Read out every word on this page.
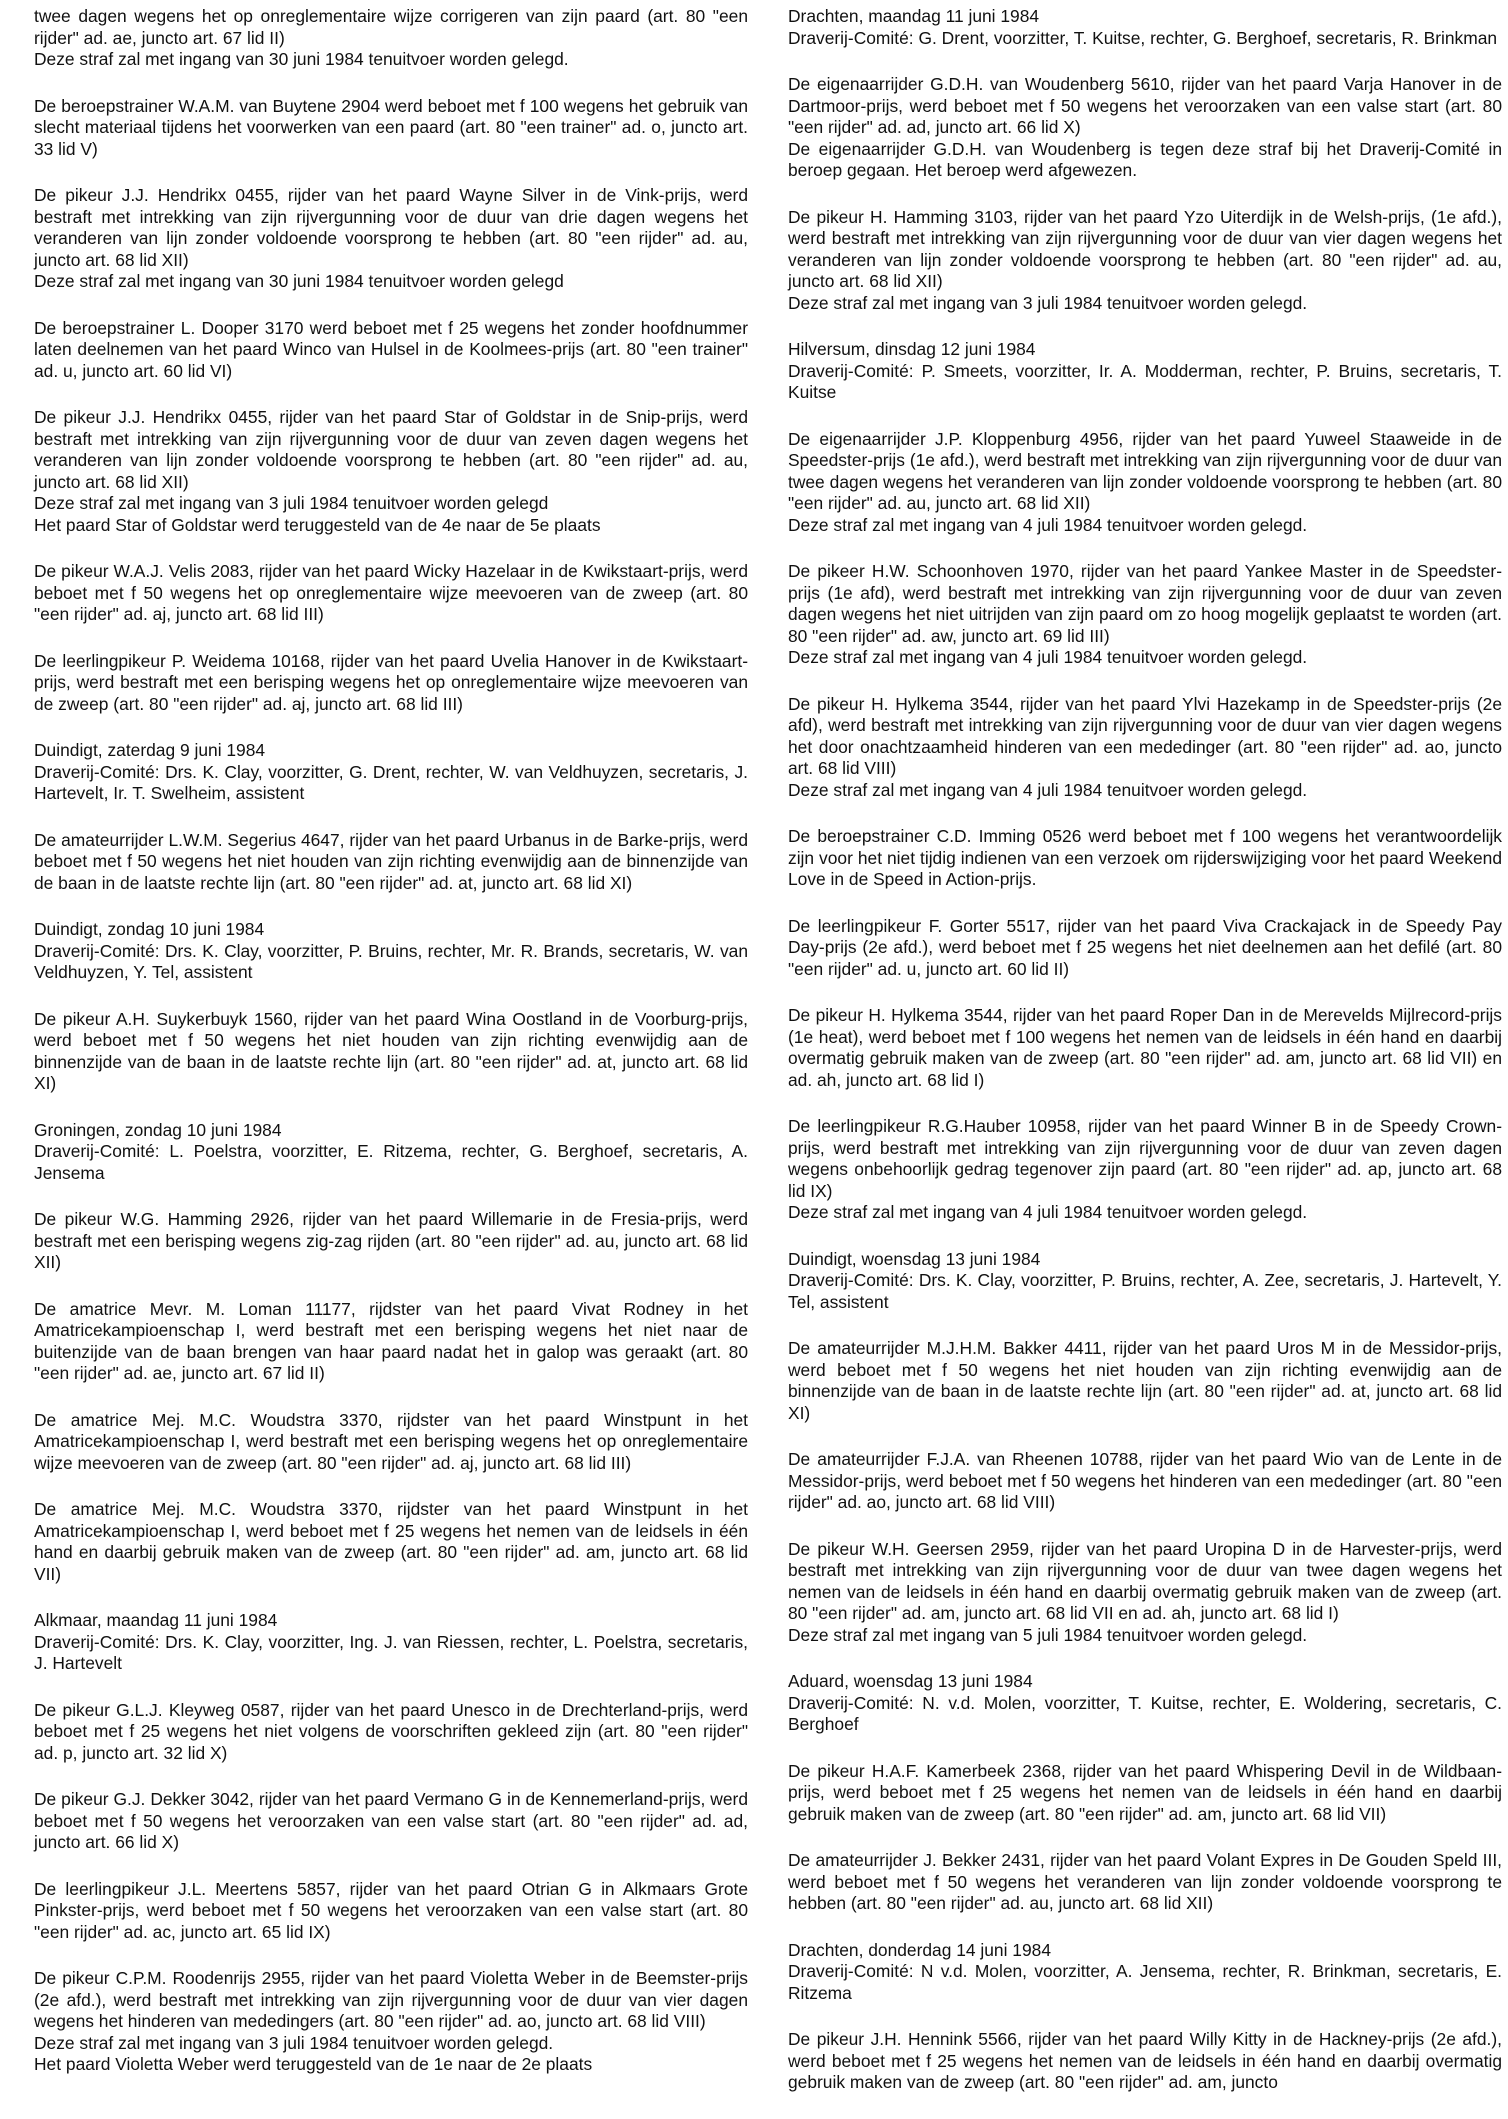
twee dagen wegens het op onreglementaire wijze corrigeren van zijn paard (art. 80 "een rijder" ad. ae, juncto art. 67 lid II)
Deze straf zal met ingang van 30 juni 1984 tenuitvoer worden gelegd.

De beroepstrainer W.A.M. van Buytene 2904 werd beboet met f 100 wegens het gebruik van slecht materiaal tijdens het voorwerken van een paard (art. 80 "een trainer" ad. o, juncto art. 33 lid V)

De pikeur J.J. Hendrikx 0455, rijder van het paard Wayne Silver in de Vink-prijs, werd bestraft met intrekking van zijn rijvergunning voor de duur van drie dagen wegens het veranderen van lijn zonder voldoende voorsprong te hebben (art. 80 "een rijder" ad. au, juncto art. 68 lid XII)
Deze straf zal met ingang van 30 juni 1984 tenuitvoer worden gelegd

De beroepstrainer L. Dooper 3170 werd beboet met f 25 wegens het zonder hoofdnummer laten deelnemen van het paard Winco van Hulsel in de Koolmees-prijs (art. 80 "een trainer" ad. u, juncto art. 60 lid VI)

De pikeur J.J. Hendrikx 0455, rijder van het paard Star of Goldstar in de Snip-prijs, werd bestraft met intrekking van zijn rijvergunning voor de duur van zeven dagen wegens het veranderen van lijn zonder voldoende voorsprong te hebben (art. 80 "een rijder" ad. au, juncto art. 68 lid XII)
Deze straf zal met ingang van 3 juli 1984 tenuitvoer worden gelegd
Het paard Star of Goldstar werd teruggesteld van de 4e naar de 5e plaats

De pikeur W.A.J. Velis 2083, rijder van het paard Wicky Hazelaar in de Kwikstaart-prijs, werd beboet met f 50 wegens het op onreglementaire wijze meevoeren van de zweep (art. 80 "een rijder" ad. aj, juncto art. 68 lid III)

De leerlingpikeur P. Weidema 10168, rijder van het paard Uvelia Hanover in de Kwikstaart-prijs, werd bestraft met een berisping wegens het op onreglementaire wijze meevoeren van de zweep (art. 80 "een rijder" ad. aj, juncto art. 68 lid III)

Duindigt, zaterdag 9 juni 1984
Draverij-Comité: Drs. K. Clay, voorzitter, G. Drent, rechter, W. van Veldhuyzen, secretaris, J. Hartevelt, Ir. T. Swelheim, assistent

De amateurrijder L.W.M. Segerius 4647, rijder van het paard Urbanus in de Barke-prijs, werd beboet met f 50 wegens het niet houden van zijn richting evenwijdig aan de binnenzijde van de baan in de laatste rechte lijn (art. 80 "een rijder" ad. at, juncto art. 68 lid XI)

Duindigt, zondag 10 juni 1984
Draverij-Comité: Drs. K. Clay, voorzitter, P. Bruins, rechter, Mr. R. Brands, secretaris, W. van Veldhuyzen, Y. Tel, assistent

De pikeur A.H. Suykerbuyk 1560, rijder van het paard Wina Oostland in de Voorburg-prijs, werd beboet met f 50 wegens het niet houden van zijn richting evenwijdig aan de binnenzijde van de baan in de laatste rechte lijn (art. 80 "een rijder" ad. at, juncto art. 68 lid XI)

Groningen, zondag 10 juni 1984
Draverij-Comité: L. Poelstra, voorzitter, E. Ritzema, rechter, G. Berghoef, secretaris, A. Jensema

De pikeur W.G. Hamming 2926, rijder van het paard Willemarie in de Fresia-prijs, werd bestraft met een berisping wegens zig-zag rijden (art. 80 "een rijder" ad. au, juncto art. 68 lid XII)

De amatrice Mevr. M. Loman 11177, rijdster van het paard Vivat Rodney in het Amatricekampioenschap I, werd bestraft met een berisping wegens het niet naar de buitenzijde van de baan brengen van haar paard nadat het in galop was geraakt (art. 80 "een rijder" ad. ae, juncto art. 67 lid II)

De amatrice Mej. M.C. Woudstra 3370, rijdster van het paard Winstpunt in het Amatricekampioenschap I, werd bestraft met een berisping wegens het op onreglementaire wijze meevoeren van de zweep (art. 80 "een rijder" ad. aj, juncto art. 68 lid III)

De amatrice Mej. M.C. Woudstra 3370, rijdster van het paard Winstpunt in het Amatricekampioenschap I, werd beboet met f 25 wegens het nemen van de leidsels in één hand en daarbij gebruik maken van de zweep (art. 80 "een rijder" ad. am, juncto art. 68 lid VII)

Alkmaar, maandag 11 juni 1984
Draverij-Comité: Drs. K. Clay, voorzitter, Ing. J. van Riessen, rechter, L. Poelstra, secretaris, J. Hartevelt

De pikeur G.L.J. Kleyweg 0587, rijder van het paard Unesco in de Drechterland-prijs, werd beboet met f 25 wegens het niet volgens de voorschriften gekleed zijn (art. 80 "een rijder" ad. p, juncto art. 32 lid X)

De pikeur G.J. Dekker 3042, rijder van het paard Vermano G in de Kennemerland-prijs, werd beboet met f 50 wegens het veroorzaken van een valse start (art. 80 "een rijder" ad. ad, juncto art. 66 lid X)

De leerlingpikeur J.L. Meertens 5857, rijder van het paard Otrian G in Alkmaars Grote Pinkster-prijs, werd beboet met f 50 wegens het veroorzaken van een valse start (art. 80 "een rijder" ad. ac, juncto art. 65 lid IX)

De pikeur C.P.M. Roodenrijs 2955, rijder van het paard Violetta Weber in de Beemster-prijs (2e afd.), werd bestraft met intrekking van zijn rijvergunning voor de duur van vier dagen wegens het hinderen van mededingers (art. 80 "een rijder" ad. ao, juncto art. 68 lid VIII)
Deze straf zal met ingang van 3 juli 1984 tenuitvoer worden gelegd.
Het paard Violetta Weber werd teruggesteld van de 1e naar de 2e plaats

Drachten, maandag 11 juni 1984
Draverij-Comité: G. Drent, voorzitter, T. Kuitse, rechter, G. Berghoef, secretaris, R. Brinkman

De eigenaarrijder G.D.H. van Woudenberg 5610, rijder van het paard Varja Hanover in de Dartmoor-prijs, werd beboet met f 50 wegens het veroorzaken van een valse start (art. 80 "een rijder" ad. ad, juncto art. 66 lid X)
De eigenaarrijder G.D.H. van Woudenberg is tegen deze straf bij het Draverij-Comité in beroep gegaan. Het beroep werd afgewezen.

De pikeur H. Hamming 3103, rijder van het paard Yzo Uiterdijk in de Welsh-prijs, (1e afd.), werd bestraft met intrekking van zijn rijvergunning voor de duur van vier dagen wegens het veranderen van lijn zonder voldoende voorsprong te hebben (art. 80 "een rijder" ad. au, juncto art. 68 lid XII)
Deze straf zal met ingang van 3 juli 1984 tenuitvoer worden gelegd.

Hilversum, dinsdag 12 juni 1984
Draverij-Comité: P. Smeets, voorzitter, Ir. A. Modderman, rechter, P. Bruins, secretaris, T. Kuitse

De eigenaarrijder J.P. Kloppenburg 4956, rijder van het paard Yuweel Staaweide in de Speedster-prijs (1e afd.), werd bestraft met intrekking van zijn rijvergunning voor de duur van twee dagen wegens het veranderen van lijn zonder voldoende voorsprong te hebben (art. 80 "een rijder" ad. au, juncto art. 68 lid XII)
Deze straf zal met ingang van 4 juli 1984 tenuitvoer worden gelegd.

De pikeer H.W. Schoonhoven 1970, rijder van het paard Yankee Master in de Speedster-prijs (1e afd), werd bestraft met intrekking van zijn rijvergunning voor de duur van zeven dagen wegens het niet uitrijden van zijn paard om zo hoog mogelijk geplaatst te worden (art. 80 "een rijder" ad. aw, juncto art. 69 lid III)
Deze straf zal met ingang van 4 juli 1984 tenuitvoer worden gelegd.

De pikeur H. Hylkema 3544, rijder van het paard Ylvi Hazekamp in de Speedster-prijs (2e afd), werd bestraft met intrekking van zijn rijvergunning voor de duur van vier dagen wegens het door onachtzaamheid hinderen van een mededinger (art. 80 "een rijder" ad. ao, juncto art. 68 lid VIII)
Deze straf zal met ingang van 4 juli 1984 tenuitvoer worden gelegd.

De beroepstrainer C.D. Imming 0526 werd beboet met f 100 wegens het verantwoordelijk zijn voor het niet tijdig indienen van een verzoek om rijderswijziging voor het paard Weekend Love in de Speed in Action-prijs.

De leerlingpikeur F. Gorter 5517, rijder van het paard Viva Crackajack in de Speedy Pay Day-prijs (2e afd.), werd beboet met f 25 wegens het niet deelnemen aan het defilé (art. 80 "een rijder" ad. u, juncto art. 60 lid II)

De pikeur H. Hylkema 3544, rijder van het paard Roper Dan in de Merevelds Mijlrecord-prijs (1e heat), werd beboet met f 100 wegens het nemen van de leidsels in één hand en daarbij overmatig gebruik maken van de zweep (art. 80 "een rijder" ad. am, juncto art. 68 lid VII) en ad. ah, juncto art. 68 lid I)

De leerlingpikeur R.G.Hauber 10958, rijder van het paard Winner B in de Speedy Crown-prijs, werd bestraft met intrekking van zijn rijvergunning voor de duur van zeven dagen wegens onbehoorlijk gedrag tegenover zijn paard (art. 80 "een rijder" ad. ap, juncto art. 68 lid IX)
Deze straf zal met ingang van 4 juli 1984 tenuitvoer worden gelegd.

Duindigt, woensdag 13 juni 1984
Draverij-Comité: Drs. K. Clay, voorzitter, P. Bruins, rechter, A. Zee, secretaris, J. Hartevelt, Y. Tel, assistent

De amateurrijder M.J.H.M. Bakker 4411, rijder van het paard Uros M in de Messidor-prijs, werd beboet met f 50 wegens het niet houden van zijn richting evenwijdig aan de binnenzijde van de baan in de laatste rechte lijn (art. 80 "een rijder" ad. at, juncto art. 68 lid XI)

De amateurrijder F.J.A. van Rheenen 10788, rijder van het paard Wio van de Lente in de Messidor-prijs, werd beboet met f 50 wegens het hinderen van een mededinger (art. 80 "een rijder" ad. ao, juncto art. 68 lid VIII)

De pikeur W.H. Geersen 2959, rijder van het paard Uropina D in de Harvester-prijs, werd bestraft met intrekking van zijn rijvergunning voor de duur van twee dagen wegens het nemen van de leidsels in één hand en daarbij overmatig gebruik maken van de zweep (art. 80 "een rijder" ad. am, juncto art. 68 lid VII en ad. ah, juncto art. 68 lid I)
Deze straf zal met ingang van 5 juli 1984 tenuitvoer worden gelegd.

Aduard, woensdag 13 juni 1984
Draverij-Comité: N. v.d. Molen, voorzitter, T. Kuitse, rechter, E. Woldering, secretaris, C. Berghoef

De pikeur H.A.F. Kamerbeek 2368, rijder van het paard Whispering Devil in de Wildbaan-prijs, werd beboet met f 25 wegens het nemen van de leidsels in één hand en daarbij gebruik maken van de zweep (art. 80 "een rijder" ad. am, juncto art. 68 lid VII)

De amateurrijder J. Bekker 2431, rijder van het paard Volant Expres in De Gouden Speld III, werd beboet met f 50 wegens het veranderen van lijn zonder voldoende voorsprong te hebben (art. 80 "een rijder" ad. au, juncto art. 68 lid XII)

Drachten, donderdag 14 juni 1984
Draverij-Comité: N v.d. Molen, voorzitter, A. Jensema, rechter, R. Brinkman, secretaris, E. Ritzema

De pikeur J.H. Hennink 5566, rijder van het paard Willy Kitty in de Hackney-prijs (2e afd.), werd beboet met f 25 wegens het nemen van de leidsels in één hand en daarbij overmatig gebruik maken van de zweep (art. 80 "een rijder" ad. am, juncto
